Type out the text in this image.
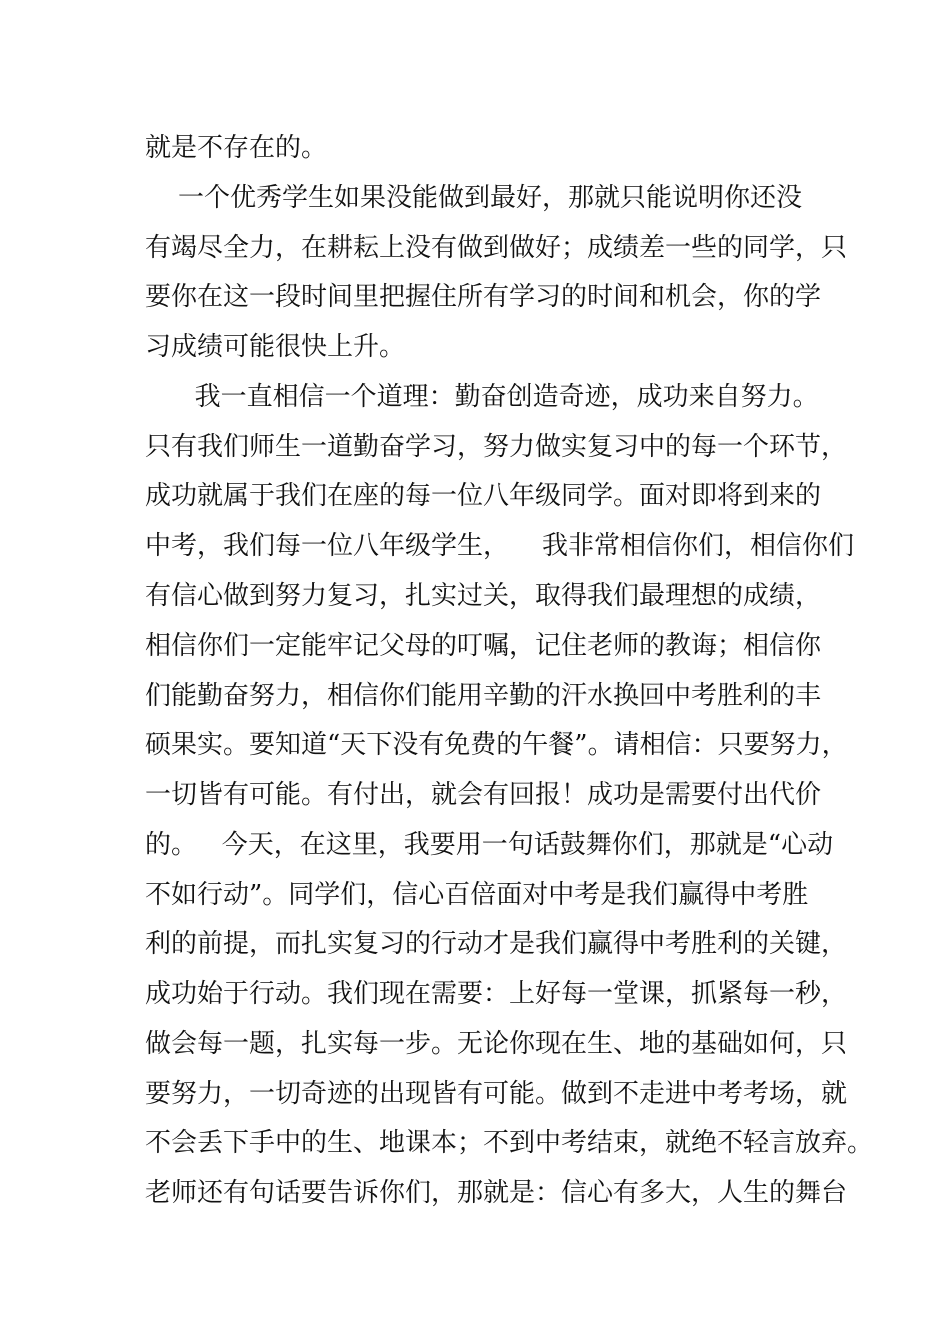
就是不存在的。
一个优秀学生如果没能做到最好，那就只能说明你还没
有竭尽全力，在耕耘上没有做到做好；成绩差一些的同学，只
要你在这一段时间里把握住所有学习的时间和机会，你的学
习成绩可能很快上升。
我一直相信一个道理：勤奋创造奇迹，成功来自努力。
只有我们师生一道勤奋学习，努力做实复习中的每一个环节，
成功就属于我们在座的每一位八年级同学。面对即将到来的
中考，我们每一位八年级学生，    我非常相信你们，相信你们
有信心做到努力复习，扎实过关，取得我们最理想的成绩，
相信你们一定能牢记父母的叮嘱，记住老师的教诲；相信你
们能勤奋努力，相信你们能用辛勤的汗水换回中考胜利的丰
硕果实。要知道“天下没有免费的午餐”。请相信：只要努力，
一切皆有可能。有付出，就会有回报！成功是需要付出代价
的。   今天，在这里，我要用一句话鼓舞你们，那就是“心动
不如行动”。同学们，信心百倍面对中考是我们赢得中考胜
利的前提，而扎实复习的行动才是我们赢得中考胜利的关键，
成功始于行动。我们现在需要：上好每一堂课，抓紧每一秒，
做会每一题，扎实每一步。无论你现在生、地的基础如何，只
要努力，一切奇迹的出现皆有可能。做到不走进中考考场，就
不会丢下手中的生、地课本；不到中考结束，就绝不轻言放弃。
老师还有句话要告诉你们，那就是：信心有多大，人生的舞台
